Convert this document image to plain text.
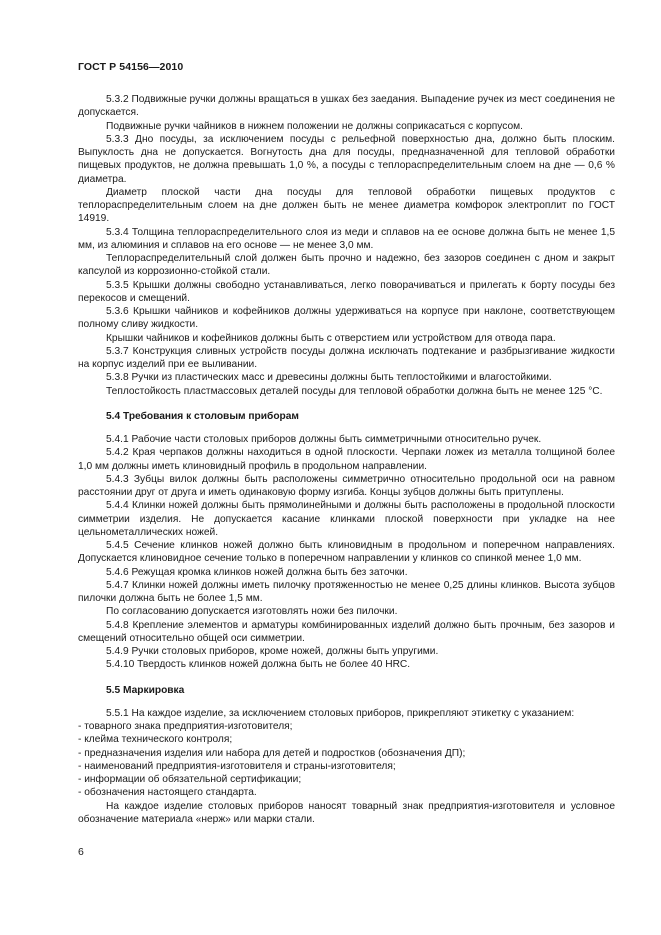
ГОСТ Р 54156—2010

5.3.2 Подвижные ручки должны вращаться в ушках без заедания. Выпадение ручек из мест соединения не допускается.

Подвижные ручки чайников в нижнем положении не должны соприкасаться с корпусом.

5.3.3 Дно посуды, за исключением посуды с рельефной поверхностью дна, должно быть плоским. Выпуклость дна не допускается. Вогнутость дна для посуды, предназначенной для тепловой обработки пищевых продуктов, не должна превышать 1,0 %, а посуды с теплораспределительным слоем на дне — 0,6 % диаметра.

Диаметр плоской части дна посуды для тепловой обработки пищевых продуктов с теплораспределительным слоем на дне должен быть не менее диаметра комфорок электроплит по ГОСТ 14919.

5.3.4 Толщина теплораспределительного слоя из меди и сплавов на ее основе должна быть не менее 1,5 мм, из алюминия и сплавов на его основе — не менее 3,0 мм.

Теплораспределительный слой должен быть прочно и надежно, без зазоров соединен с дном и закрыт капсулой из коррозионно-стойкой стали.

5.3.5 Крышки должны свободно устанавливаться, легко поворачиваться и прилегать к борту посуды без перекосов и смещений.

5.3.6 Крышки чайников и кофейников должны удерживаться на корпусе при наклоне, соответствующем полному сливу жидкости.

Крышки чайников и кофейников должны быть с отверстием или устройством для отвода пара.

5.3.7 Конструкция сливных устройств посуды должна исключать подтекание и разбрызгивание жидкости на корпус изделий при ее выливании.

5.3.8 Ручки из пластических масс и древесины должны быть теплостойкими и влагостойкими.

Теплостойкость пластмассовых деталей посуды для тепловой обработки должна быть не менее 125 °С.

5.4 Требования к столовым приборам

5.4.1 Рабочие части столовых приборов должны быть симметричными относительно ручек.

5.4.2 Края черпаков должны находиться в одной плоскости. Черпаки ложек из металла толщиной более 1,0 мм должны иметь клиновидный профиль в продольном направлении.

5.4.3 Зубцы вилок должны быть расположены симметрично относительно продольной оси на равном расстоянии друг от друга и иметь одинаковую форму изгиба. Концы зубцов должны быть притуплены.

5.4.4 Клинки ножей должны быть прямолинейными и должны быть расположены в продольной плоскости симметрии изделия. Не допускается касание клинками плоской поверхности при укладке на нее цельнометаллических ножей.

5.4.5 Сечение клинков ножей должно быть клиновидным в продольном и поперечном направлениях. Допускается клиновидное сечение только в поперечном направлении у клинков со спинкой менее 1,0 мм.

5.4.6 Режущая кромка клинков ножей должна быть без заточки.

5.4.7 Клинки ножей должны иметь пилочку протяженностью не менее 0,25 длины клинков. Высота зубцов пилочки должна быть не более 1,5 мм.

По согласованию допускается изготовлять ножи без пилочки.

5.4.8 Крепление элементов и арматуры комбинированных изделий должно быть прочным, без зазоров и смещений относительно общей оси симметрии.

5.4.9 Ручки столовых приборов, кроме ножей, должны быть упругими.

5.4.10 Твердость клинков ножей должна быть не более 40 HRC.

5.5 Маркировка

5.5.1 На каждое изделие, за исключением столовых приборов, прикрепляют этикетку с указанием:

- товарного знака предприятия-изготовителя;

- клейма технического контроля;

- предназначения изделия или набора для детей и подростков (обозначения ДП);

- наименований предприятия-изготовителя и страны-изготовителя;

- информации об обязательной сертификации;

- обозначения настоящего стандарта.

На каждое изделие столовых приборов наносят товарный знак предприятия-изготовителя и условное обозначение материала «нерж» или марки стали.

6
